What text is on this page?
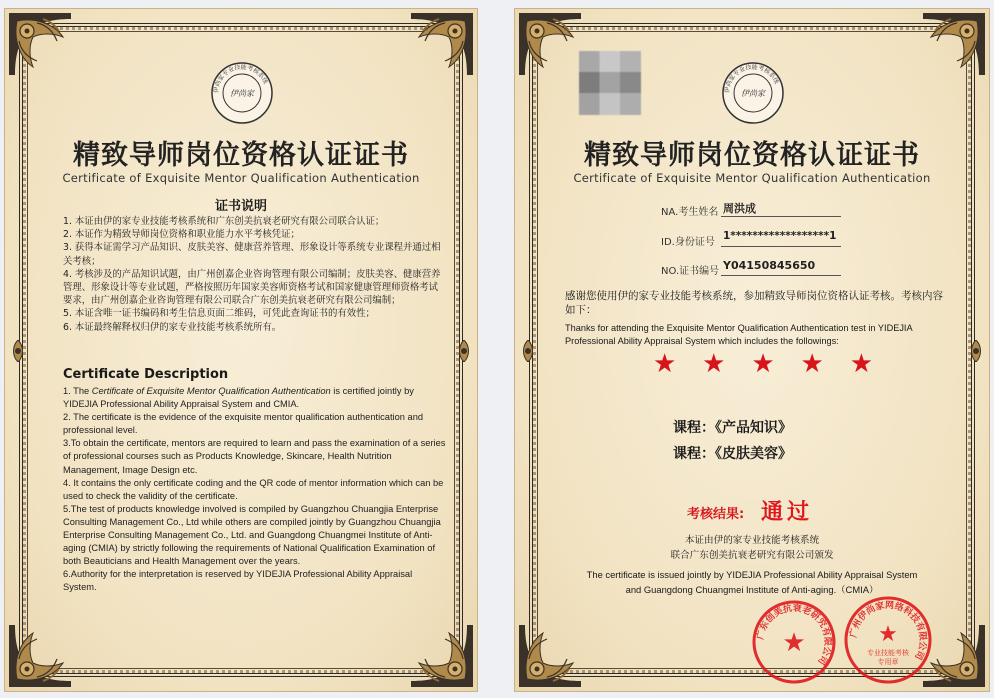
伊尚家专业技能考核系统
伊尚家
精致导师岗位资格认证证书
Certificate of Exquisite Mentor Qualification Authentication
证书说明

1. 本证由伊的家专业技能考核系统和广东创美抗衰老研究有限公司联合认证；

2. 本证作为精致导师岗位资格和职业能力水平考核凭证；

3. 获得本证需学习产品知识、皮肤美容、健康营养管理、形象设计等系统专业课程并通过相关考核；

4. 考核涉及的产品知识试题，由广州创嘉企业咨询管理有限公司编制；皮肤美容、健康营养管理、形象设计等专业试题，严格按照历年国家美容师资格考试和国家健康管理师资格考试要求，由广州创嘉企业咨询管理有限公司联合广东创美抗衰老研究有限公司编制；

5. 本证含唯一证书编码和考生信息页面二维码，可凭此查询证书的有效性；

6. 本证最终解释权归伊的家专业技能考核系统所有。

Certificate Description

1. The Certificate of Exquisite Mentor Qualification Authentication is certified jointly by YIDEJIA Professional Ability Appraisal System and CMIA.

2. The certificate is the evidence of the exquisite mentor qualification authentication and professional level.

3.To obtain the certificate, mentors are required to learn and pass the examination of a series of professional courses such as Products Knowledge, Skincare, Health Nutrition Management, Image Design etc.

4. It contains the only certificate coding and the QR code of mentor information which can be used to check the validity of the certificate.

5.The test of products knowledge involved is compiled by Guangzhou Chuangjia Enterprise Consulting Management Co., Ltd while others are compiled jointly by Guangzhou Chuangjia Enterprise Consulting Management Co., Ltd. and Guangdong Chuangmei Institute of Anti-aging (CMIA) by strictly following the requirements of National Qualification Examination of both Beauticians and Health Management over the years.

6.Authority for the interpretation is reserved by YIDEJIA Professional Ability Appraisal System.

伊尚家专业技能考核系统
伊尚家
精致导师岗位资格认证证书
Certificate of Exquisite Mentor Qualification Authentication
NA.考生姓名 周洪成
ID.身份证号
1******************1
NO.证书编号 Y04150845650
感谢您使用伊的家专业技能考核系统，参加精致导师岗位资格认证考核。考核内容如下：
Thanks for attending the Exquisite Mentor Qualification Authentication test in YIDEJIA Professional Ability Appraisal System which includes the followings:
★ ★ ★ ★ ★
课程：《产品知识》
课程：《皮肤美容》
考核结果: 通过
本证由伊的家专业技能考核系统
联合广东创美抗衰老研究有限公司颁发
The certificate is issued jointly by YIDEJIA Professional Ability Appraisal System
and Guangdong Chuangmei Institute of Anti-aging.（CMIA）
广东创美抗衰老研究有限公司
★	广州伊尚家网络科技有限公司
★
专业技能考核
专用章
